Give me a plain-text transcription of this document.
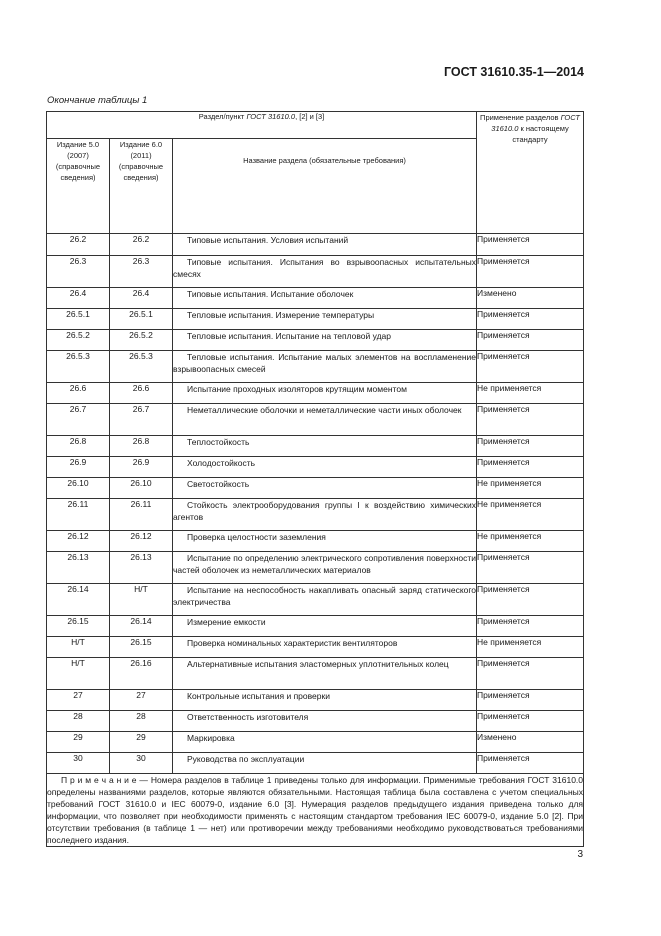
ГОСТ 31610.35-1—2014
Окончание таблицы 1
Раздел/пункт ГОСТ 31610.0, [2] и [3]			Применение разделов ГОСТ 31610.0 к настоящему стандарту
Издание 5.0 (2007) (справочные сведения)	Издание 6.0 (2011) (справочные сведения)	Название раздела (обязательные требования)	
26.2	26.2	Типовые испытания. Условия испытаний	Применяется
26.3	26.3	Типовые испытания. Испытания во взрывоопасных испытательных смесях	Применяется
26.4	26.4	Типовые испытания. Испытание оболочек	Изменено
26.5.1	26.5.1	Тепловые испытания. Измерение температуры	Применяется
26.5.2	26.5.2	Тепловые испытания. Испытание на тепловой удар	Применяется
26.5.3	26.5.3	Тепловые испытания. Испытание малых элементов на воспламенение взрывоопасных смесей	Применяется
26.6	26.6	Испытание проходных изоляторов крутящим моментом	Не применяется
26.7	26.7	Неметаллические оболочки и неметаллические части иных оболочек	Применяется
26.8	26.8	Теплостойкость	Применяется
26.9	26.9	Холодостойкость	Применяется
26.10	26.10	Светостойкость	Не применяется
26.11	26.11	Стойкость электрооборудования группы I к воздействию химических агентов	Не применяется
26.12	26.12	Проверка целостности заземления	Не применяется
26.13	26.13	Испытание по определению электрического сопротивления поверхности частей оболочек из неметаллических материалов	Применяется
26.14	Н/Т	Испытание на неспособность накапливать опасный заряд статического электричества	Применяется
26.15	26.14	Измерение емкости	Применяется
Н/Т	26.15	Проверка номинальных характеристик вентиляторов	Не применяется
Н/Т	26.16	Альтернативные испытания эластомерных уплотнительных колец	Применяется
27	27	Контрольные испытания и проверки	Применяется
28	28	Ответственность изготовителя	Применяется
29	29	Маркировка	Изменено
30	30	Руководства по эксплуатации	Применяется

П р и м е ч а н и е — Номера разделов в таблице 1 приведены только для информации. Применимые требования ГОСТ 31610.0 определены названиями разделов, которые являются обязательными. Настоящая таблица была составлена с учетом специальных требований ГОСТ 31610.0 и IEC 60079-0, издание 6.0 [3]. Нумерация разделов предыдущего издания приведена только для информации, что позволяет при необходимости применять с настоящим стандартом требования IEC 60079-0, издание 5.0 [2]. При отсутствии требования (в таблице 1 — нет) или противоречии между требованиями необходимо руководствоваться требованиями последнего издания.			
3
